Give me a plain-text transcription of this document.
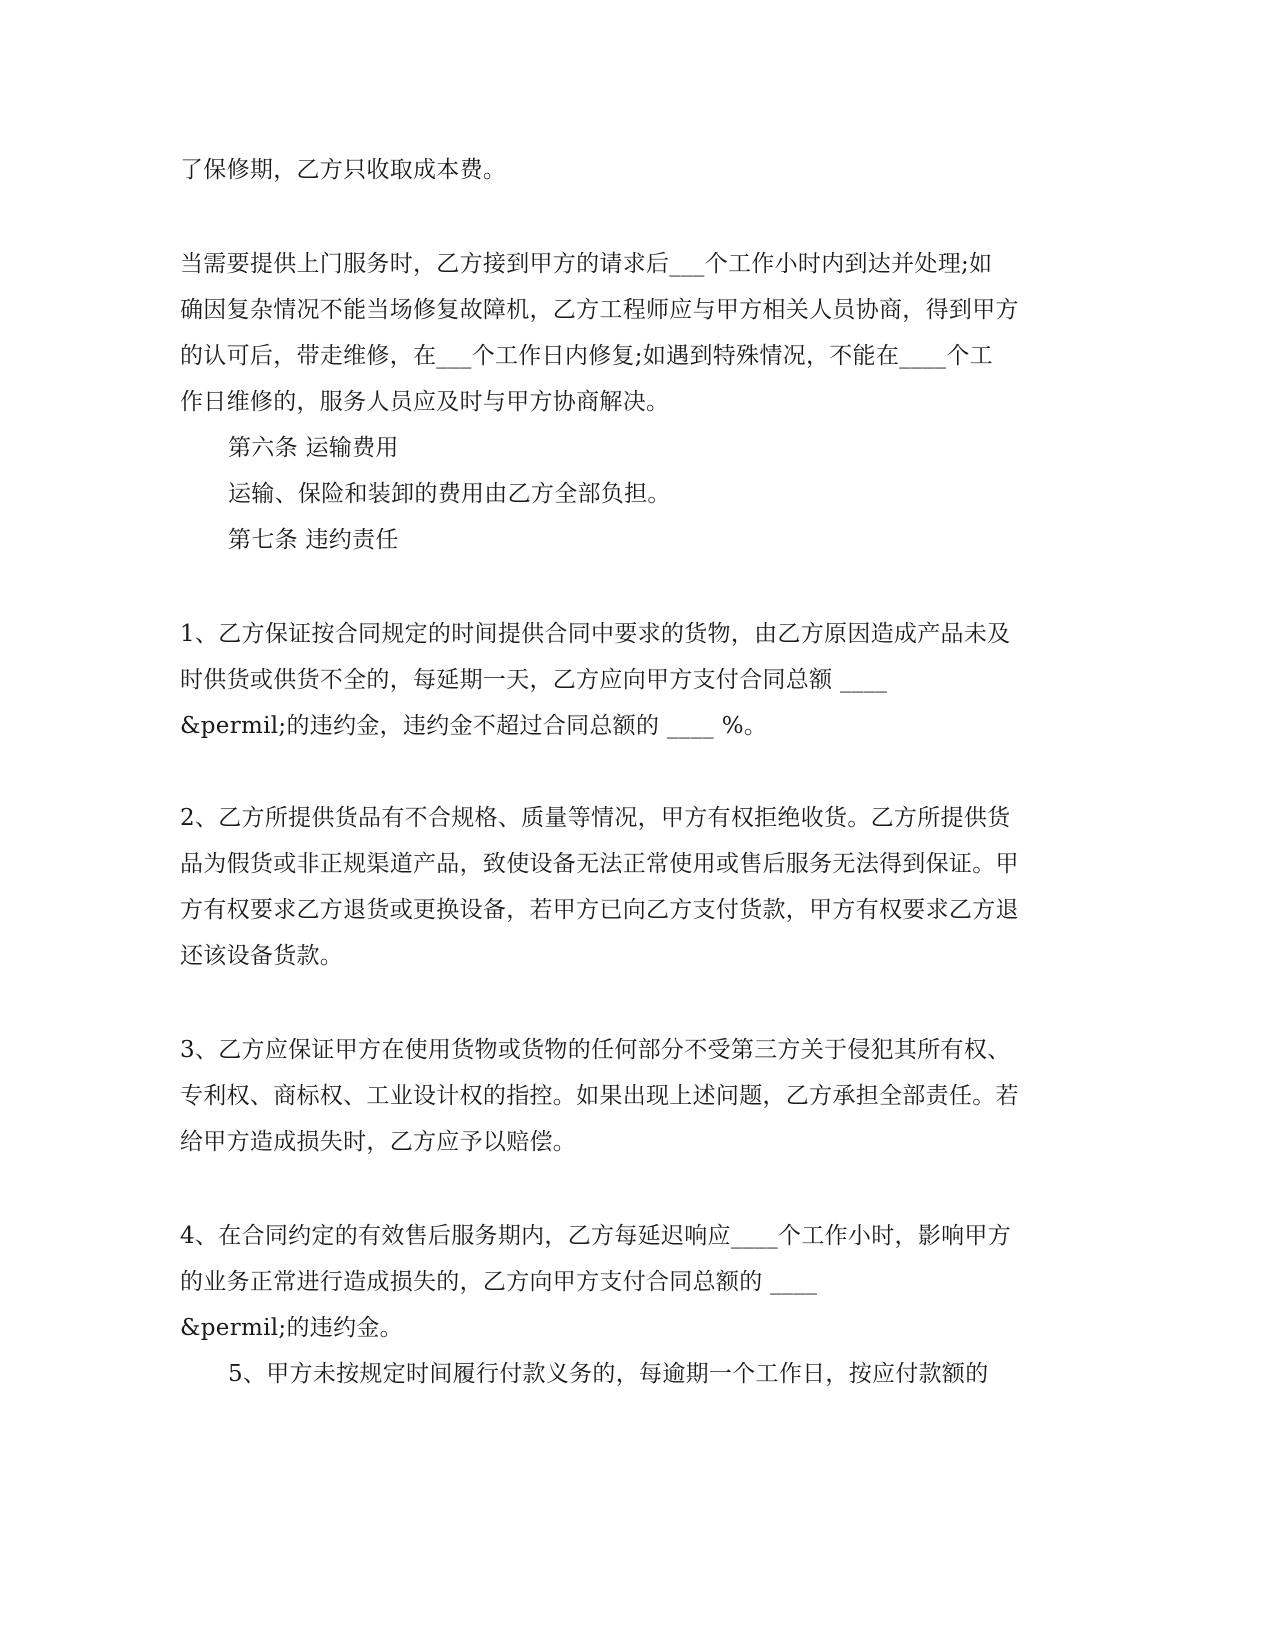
了保修期，乙方只收取成本费。
当需要提供上门服务时，乙方接到甲方的请求后___个工作小时内到达并处理;如
确因复杂情况不能当场修复故障机，乙方工程师应与甲方相关人员协商，得到甲方
的认可后，带走维修，在___个工作日内修复;如遇到特殊情况，不能在____个工
作日维修的，服务人员应及时与甲方协商解决。
第六条 运输费用
运输、保险和装卸的费用由乙方全部负担。
第七条 违约责任
1、乙方保证按合同规定的时间提供合同中要求的货物，由乙方原因造成产品未及
时供货或供货不全的，每延期一天，乙方应向甲方支付合同总额 ____
&permil;的违约金，违约金不超过合同总额的 ____ %。
2、乙方所提供货品有不合规格、质量等情况，甲方有权拒绝收货。乙方所提供货
品为假货或非正规渠道产品，致使设备无法正常使用或售后服务无法得到保证。甲
方有权要求乙方退货或更换设备，若甲方已向乙方支付货款，甲方有权要求乙方退
还该设备货款。
3、乙方应保证甲方在使用货物或货物的任何部分不受第三方关于侵犯其所有权、
专利权、商标权、工业设计权的指控。如果出现上述问题，乙方承担全部责任。若
给甲方造成损失时，乙方应予以赔偿。
4、在合同约定的有效售后服务期内，乙方每延迟响应____个工作小时，影响甲方
的业务正常进行造成损失的，乙方向甲方支付合同总额的 ____
&permil;的违约金。
5、甲方未按规定时间履行付款义务的，每逾期一个工作日，按应付款额的
